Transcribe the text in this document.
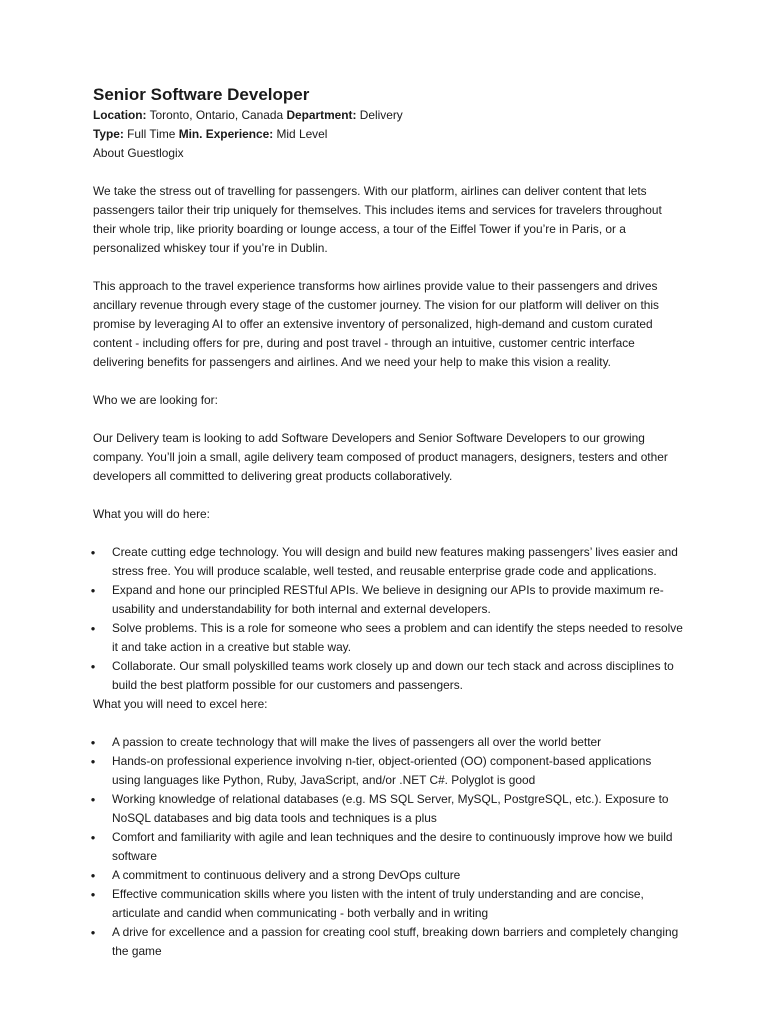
Senior Software Developer
Location: Toronto, Ontario, Canada Department: Delivery
Type: Full Time Min. Experience: Mid Level
About Guestlogix

We take the stress out of travelling for passengers. With our platform, airlines can deliver content that lets passengers tailor their trip uniquely for themselves. This includes items and services for travelers throughout their whole trip, like priority boarding or lounge access, a tour of the Eiffel Tower if you’re in Paris, or a personalized whiskey tour if you’re in Dublin.

This approach to the travel experience transforms how airlines provide value to their passengers and drives ancillary revenue through every stage of the customer journey. The vision for our platform will deliver on this promise by leveraging AI to offer an extensive inventory of personalized, high-demand and custom curated content - including offers for pre, during and post travel - through an intuitive, customer centric interface delivering benefits for passengers and airlines. And we need your help to make this vision a reality.

Who we are looking for:

Our Delivery team is looking to add Software Developers and Senior Software Developers to our growing company. You’ll join a small, agile delivery team composed of product managers, designers, testers and other developers all committed to delivering great products collaboratively.

What you will do here:

●	Create cutting edge technology. You will design and build new features making passengers’ lives easier and stress free. You will produce scalable, well tested, and reusable enterprise grade code and applications.
●	Expand and hone our principled RESTful APIs. We believe in designing our APIs to provide maximum re-usability and understandability for both internal and external developers.
●	Solve problems. This is a role for someone who sees a problem and can identify the steps needed to resolve it and take action in a creative but stable way.
●	Collaborate. Our small polyskilled teams work closely up and down our tech stack and across disciplines to build the best platform possible for our customers and passengers.

What you will need to excel here:

●	A passion to create technology that will make the lives of passengers all over the world better
●	Hands-on professional experience involving n-tier, object-oriented (OO) component-based applications using languages like Python, Ruby, JavaScript, and/or .NET C#. Polyglot is good
●	Working knowledge of relational databases (e.g. MS SQL Server, MySQL, PostgreSQL, etc.). Exposure to NoSQL databases and big data tools and techniques is a plus
●	Comfort and familiarity with agile and lean techniques and the desire to continuously improve how we build software
●	A commitment to continuous delivery and a strong DevOps culture
●	Effective communication skills where you listen with the intent of truly understanding and are concise, articulate and candid when communicating - both verbally and in writing
●	A drive for excellence and a passion for creating cool stuff, breaking down barriers and completely changing the game
